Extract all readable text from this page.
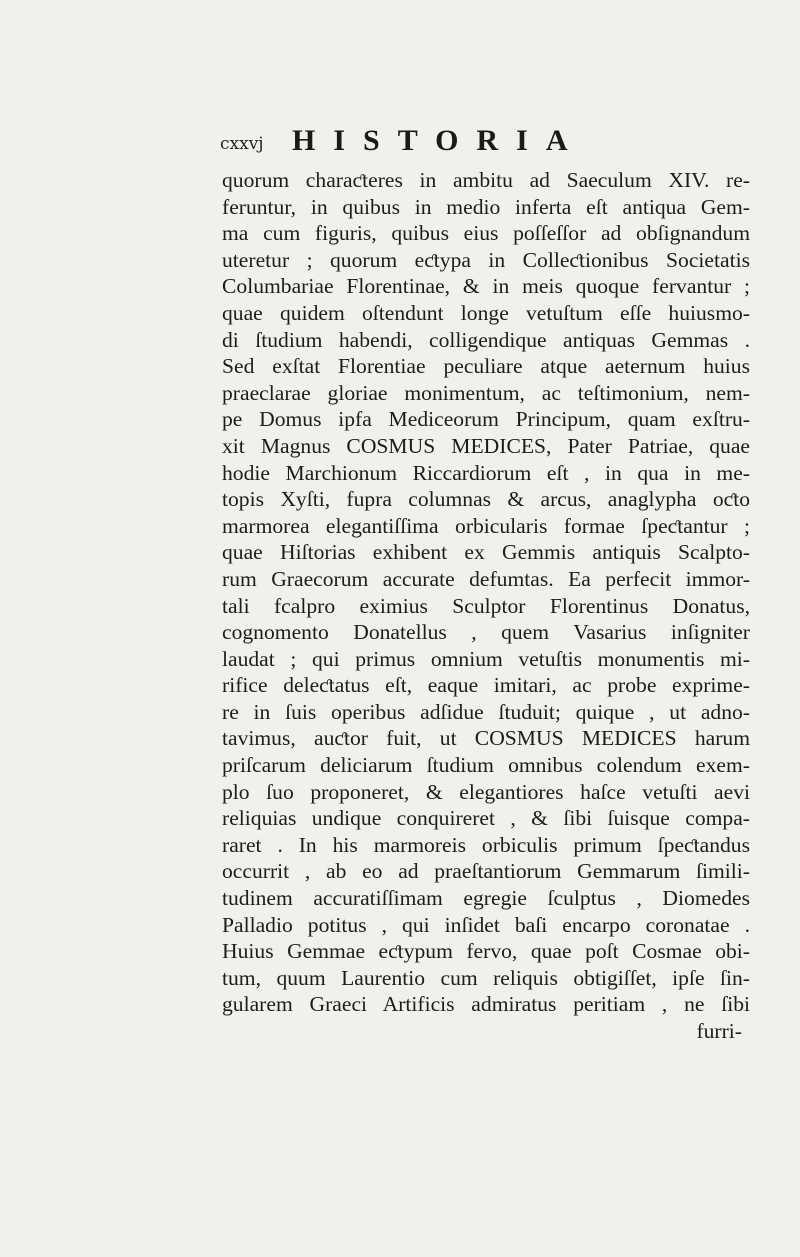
cxxvj HISTORIA
quorum charaƈteres in ambitu ad Saeculum XIV. re-
feruntur, in quibus in medio inferta eſt antiqua Gem-
ma cum figuris, quibus eius poſſeſſor ad obſignandum
uteretur ; quorum eƈtypa in Colleƈtionibus Societatis
Columbariae Florentinae, & in meis quoque fervantur ;
quae quidem oſtendunt longe vetuſtum eſſe huiusmo-
di ſtudium habendi, colligendique antiquas Gemmas .
Sed exſtat Florentiae peculiare atque aeternum huius
praeclarae gloriae monimentum, ac teſtimonium, nem-
pe Domus ipfa Mediceorum Principum, quam exſtru-
xit Magnus COSMUS MEDICES, Pater Patriae, quae
hodie Marchionum Riccardiorum eſt , in qua in me-
topis Xyſti, fupra columnas & arcus, anaglypha oƈto
marmorea elegantiſſima orbicularis formae ſpeƈtantur ;
quae Hiſtorias exhibent ex Gemmis antiquis Scalpto-
rum Graecorum accurate defumtas. Ea perfecit immor-
tali fcalpro eximius Sculptor Florentinus Donatus,
cognomento Donatellus , quem Vasarius inſigniter
laudat ; qui primus omnium vetuſtis monumentis mi-
rifice deleƈtatus eſt, eaque imitari, ac probe exprime-
re in ſuis operibus adſidue ſtuduit; quique , ut adno-
tavimus, auƈtor fuit, ut COSMUS MEDICES harum
priſcarum deliciarum ſtudium omnibus colendum exem-
plo ſuo proponeret, & elegantiores haſce vetuſti aevi
reliquias undique conquireret , & ſibi ſuisque compa-
raret . In his marmoreis orbiculis primum ſpeƈtandus
occurrit , ab eo ad praeſtantiorum Gemmarum ſimili-
tudinem accuratiſſimam egregie ſculptus , Diomedes
Palladio potitus , qui inſidet baſi encarpo coronatae .
Huius Gemmae eƈtypum fervo, quae poſt Cosmae obi-
tum, quum Laurentio cum reliquis obtigiſſet, ipſe ſin-
gularem Graeci Artificis admiratus peritiam , ne ſibi
furri-
